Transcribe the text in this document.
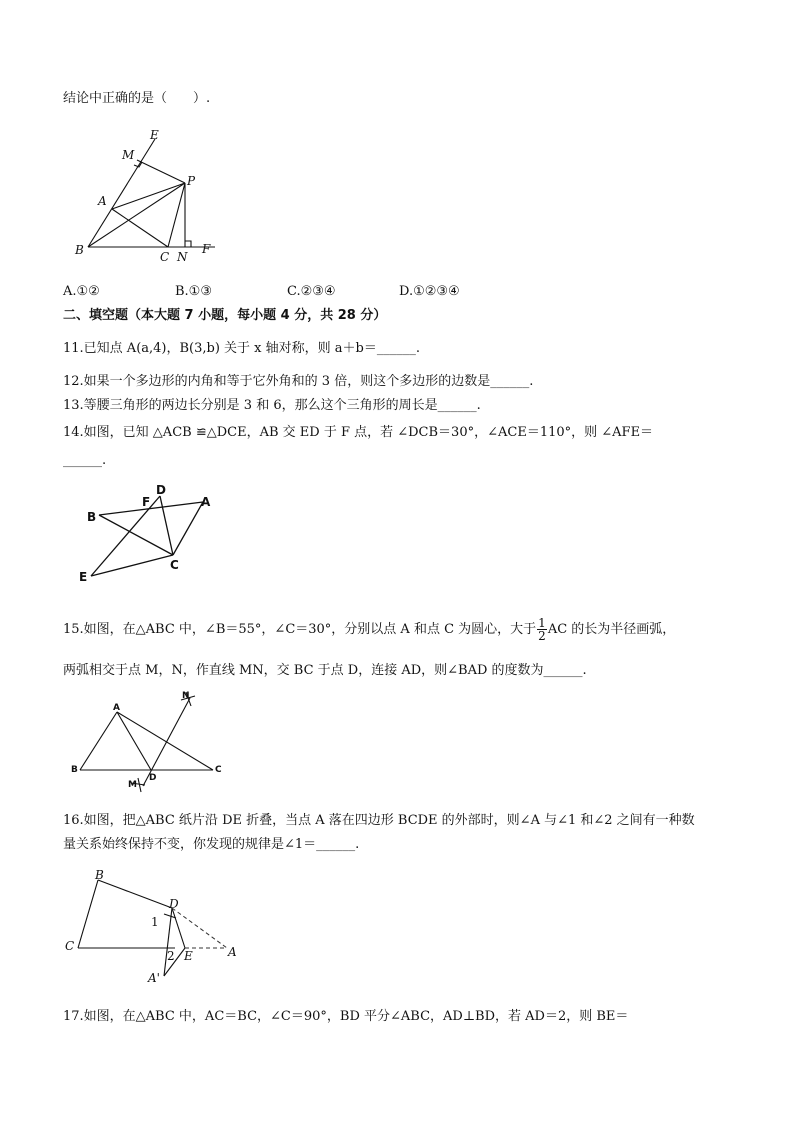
结论中正确的是（　　）.
E
M
P
A
B	C N
F
A.①②	B.①③	C.②③④	D.①②③④
二、填空题（本大题 7 小题，每小题 4 分，共 28 分）
11.已知点 A(a,4)，B(3,b) 关于 x 轴对称，则 a＋b＝______.
12.如果一个多边形的内角和等于它外角和的 3 倍，则这个多边形的边数是______.
13.等腰三角形的两边长分别是 3 和 6，那么这个三角形的周长是______.
14.如图，已知 △ACB ≌△DCE，AB 交 ED 于 F 点，若 ∠DCB＝30°，∠ACE＝110°，则 ∠AFE＝
______.
B
F
D
A
E
C
15.如图，在△ABC 中，∠B＝55°，∠C＝30°，分别以点 A 和点 C 为圆心，大于 $\frac{1}{2}$ AC 的长为半径画弧，
两弧相交于点 M，N，作直线 MN，交 BC 于点 D，连接 AD，则∠BAD 的度数为______.
A
N
B
M
D
C
16.如图，把△ABC 纸片沿 DE 折叠，当点 A 落在四边形 BCDE 的外部时，则∠A 与∠1 和∠2 之间有一种数
量关系始终保持不变，你发现的规律是∠1＝______.
B
D
1
C	A
2 E
A'
17.如图，在△ABC 中，AC＝BC，∠C＝90°，BD 平分∠ABC，AD⊥BD，若 AD＝2，则 BE＝
